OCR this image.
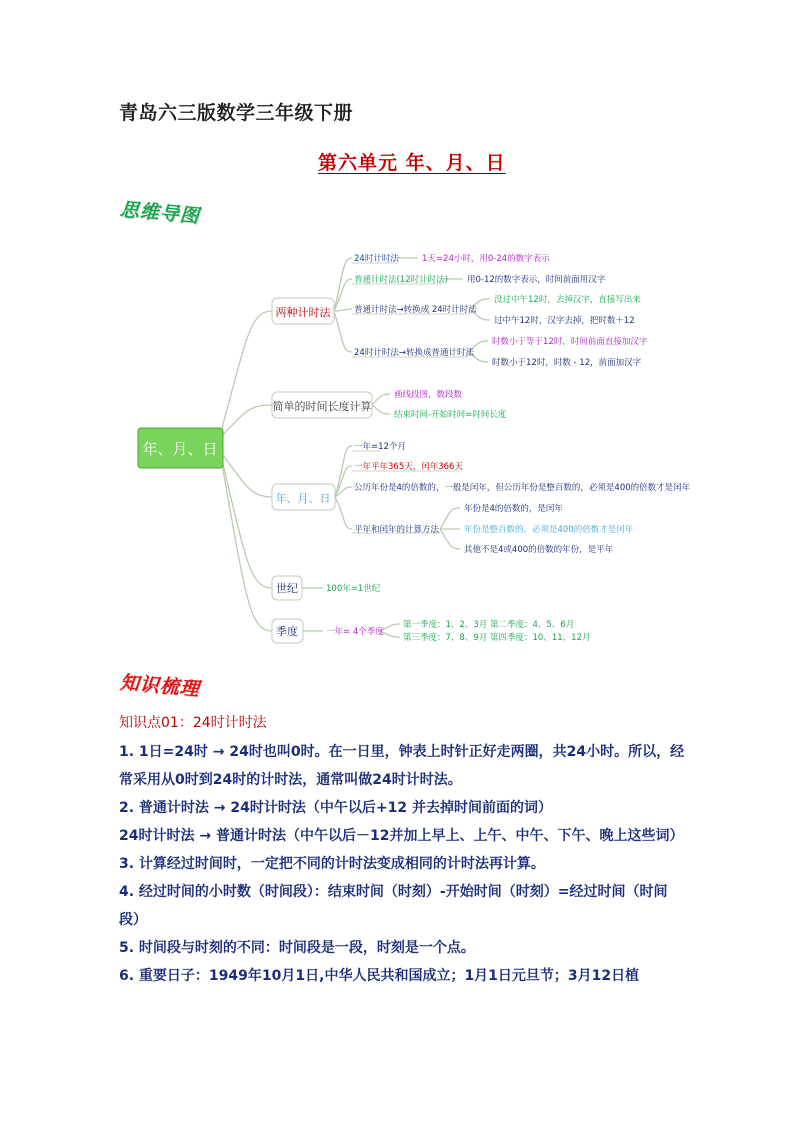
青岛六三版数学三年级下册
第六单元 年、月、日
思维导图
年、月、日
两种计时法
简单的时间长度计算
年、月、日
世纪
季度
24时计时法	1天=24小时，用0-24的数字表示
普通计时法(12时计时法) 用0-12的数字表示，时间前面用汉字
普通计时法→转换成 24时计时法
没过中午12时，去掉汉字，直接写出来
过中午12时，汉字去掉，把时数＋12
24时计时法→转换成普通计时法
时数小于等于12时，时间前面直接加汉字
时数小于12时，时数 - 12，前面加汉字
画线段图，数段数
结束时间-开始时间=时间长度
一年=12个月
一年平年365天，闰年366天
公历年份是4的倍数的，一般是闰年，但公历年份是整百数的，必须是400的倍数才是闰年
平年和闰年的计算方法
年份是4的倍数的，是闰年
年份是整百数的，必须是400的倍数才是闰年
其他不是4或400的倍数的年份，是平年
100年=1世纪
一年= 4个季度
第一季度：1、2、3月 第二季度：4、5、6月
第三季度：7、8、9月 第四季度：10、11、12月
知识梳理
知识点01：24时计时法

1. 1日=24时 → 24时也叫0时。在一日里，钟表上时针正好走两圈，共24小时。所以，经常采用从0时到24时的计时法，通常叫做24时计时法。

2. 普通计时法 → 24时计时法（中午以后+12 并去掉时间前面的词）

24时计时法 → 普通计时法（中午以后－12并加上早上、上午、中午、下午、晚上这些词）

3. 计算经过时间时，一定把不同的计时法变成相同的计时法再计算。

4. 经过时间的小时数（时间段）：结束时间（时刻）-开始时间（时刻）=经过时间（时间段）

5. 时间段与时刻的不同：时间段是一段，时刻是一个点。

6. 重要日子：1949年10月1日,中华人民共和国成立；1月1日元旦节；3月12日植
